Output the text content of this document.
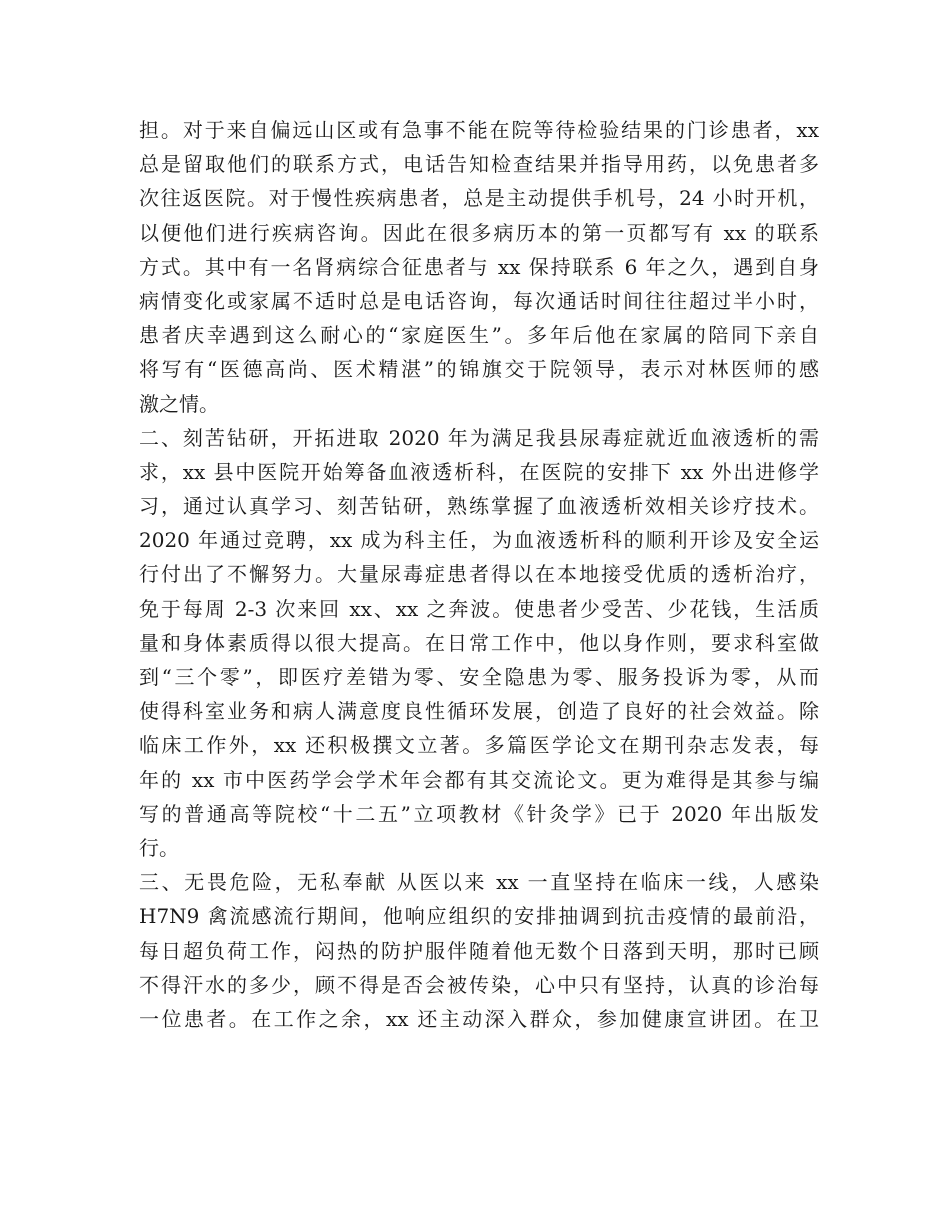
担。对于来自偏远山区或有急事不能在院等待检验结果的门诊患者，xx
总是留取他们的联系方式，电话告知检查结果并指导用药，以免患者多
次往返医院。对于慢性疾病患者，总是主动提供手机号，24 小时开机，
以便他们进行疾病咨询。因此在很多病历本的第一页都写有 xx 的联系
方式。其中有一名肾病综合征患者与 xx 保持联系 6 年之久，遇到自身
病情变化或家属不适时总是电话咨询，每次通话时间往往超过半小时，
患者庆幸遇到这么耐心的“家庭医生”。多年后他在家属的陪同下亲自
将写有“医德高尚、医术精湛”的锦旗交于院领导，表示对林医师的感
激之情。
二、刻苦钻研，开拓进取 2020 年为满足我县尿毒症就近血液透析的需
求，xx 县中医院开始筹备血液透析科，在医院的安排下 xx 外出进修学
习，通过认真学习、刻苦钻研，熟练掌握了血液透析效相关诊疗技术。
2020 年通过竞聘，xx 成为科主任，为血液透析科的顺利开诊及安全运
行付出了不懈努力。大量尿毒症患者得以在本地接受优质的透析治疗，
免于每周 2-3 次来回 xx、xx 之奔波。使患者少受苦、少花钱，生活质
量和身体素质得以很大提高。在日常工作中，他以身作则，要求科室做
到“三个零”，即医疗差错为零、安全隐患为零、服务投诉为零，从而
使得科室业务和病人满意度良性循环发展，创造了良好的社会效益。除
临床工作外，xx 还积极撰文立著。多篇医学论文在期刊杂志发表，每
年的 xx 市中医药学会学术年会都有其交流论文。更为难得是其参与编
写的普通高等院校“十二五”立项教材《针灸学》已于 2020 年出版发
行。
三、无畏危险，无私奉献 从医以来 xx 一直坚持在临床一线，人感染
H7N9 禽流感流行期间，他响应组织的安排抽调到抗击疫情的最前沿，
每日超负荷工作，闷热的防护服伴随着他无数个日落到天明，那时已顾
不得汗水的多少，顾不得是否会被传染，心中只有坚持，认真的诊治每
一位患者。在工作之余，xx 还主动深入群众，参加健康宣讲团。在卫
